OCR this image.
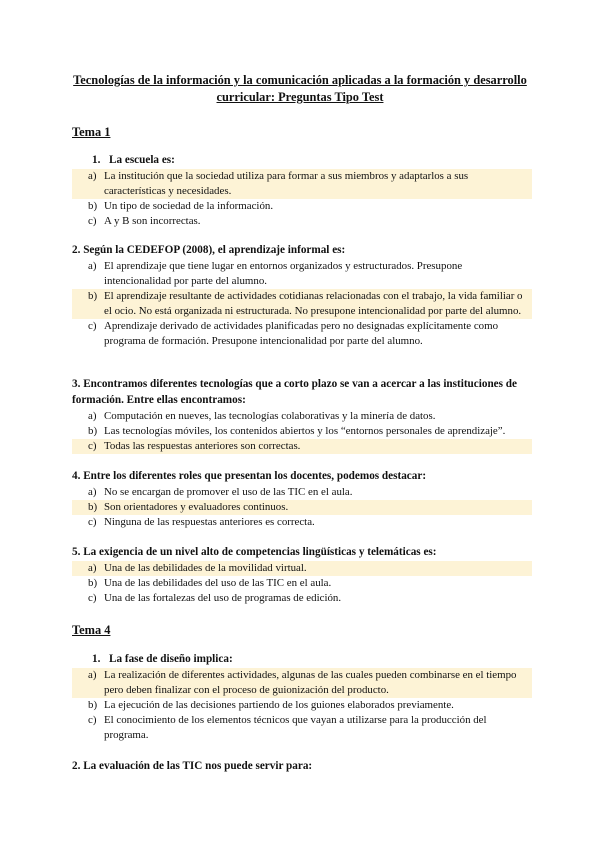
Tecnologías de la información y la comunicación aplicadas a la formación y desarrollo curricular: Preguntas Tipo Test
Tema 1
1. La escuela es:
a) La institución que la sociedad utiliza para formar a sus miembros y adaptarlos a sus características y necesidades.
b) Un tipo de sociedad de la información.
c) A y B son incorrectas.
2. Según la CEDEFOP (2008), el aprendizaje informal es:
a) El aprendizaje que tiene lugar en entornos organizados y estructurados. Presupone intencionalidad por parte del alumno.
b) El aprendizaje resultante de actividades cotidianas relacionadas con el trabajo, la vida familiar o el ocio. No está organizada ni estructurada. No presupone intencionalidad por parte del alumno.
c) Aprendizaje derivado de actividades planificadas pero no designadas explícitamente como programa de formación. Presupone intencionalidad por parte del alumno.
3. Encontramos diferentes tecnologías que a corto plazo se van a acercar a las instituciones de formación. Entre ellas encontramos:
a) Computación en nueves, las tecnologías colaborativas y la minería de datos.
b) Las tecnologías móviles, los contenidos abiertos y los “entornos personales de aprendizaje”.
c) Todas las respuestas anteriores son correctas.
4. Entre los diferentes roles que presentan los docentes, podemos destacar:
a) No se encargan de promover el uso de las TIC en el aula.
b) Son orientadores y evaluadores continuos.
c) Ninguna de las respuestas anteriores es correcta.
5. La exigencia de un nivel alto de competencias lingüísticas y telemáticas es:
a) Una de las debilidades de la movilidad virtual.
b) Una de las debilidades del uso de las TIC en el aula.
c) Una de las fortalezas del uso de programas de edición.
Tema 4
1. La fase de diseño implica:
a) La realización de diferentes actividades, algunas de las cuales pueden combinarse en el tiempo pero deben finalizar con el proceso de guionización del producto.
b) La ejecución de las decisiones partiendo de los guiones elaborados previamente.
c) El conocimiento de los elementos técnicos que vayan a utilizarse para la producción del programa.
2. La evaluación de las TIC nos puede servir para:
